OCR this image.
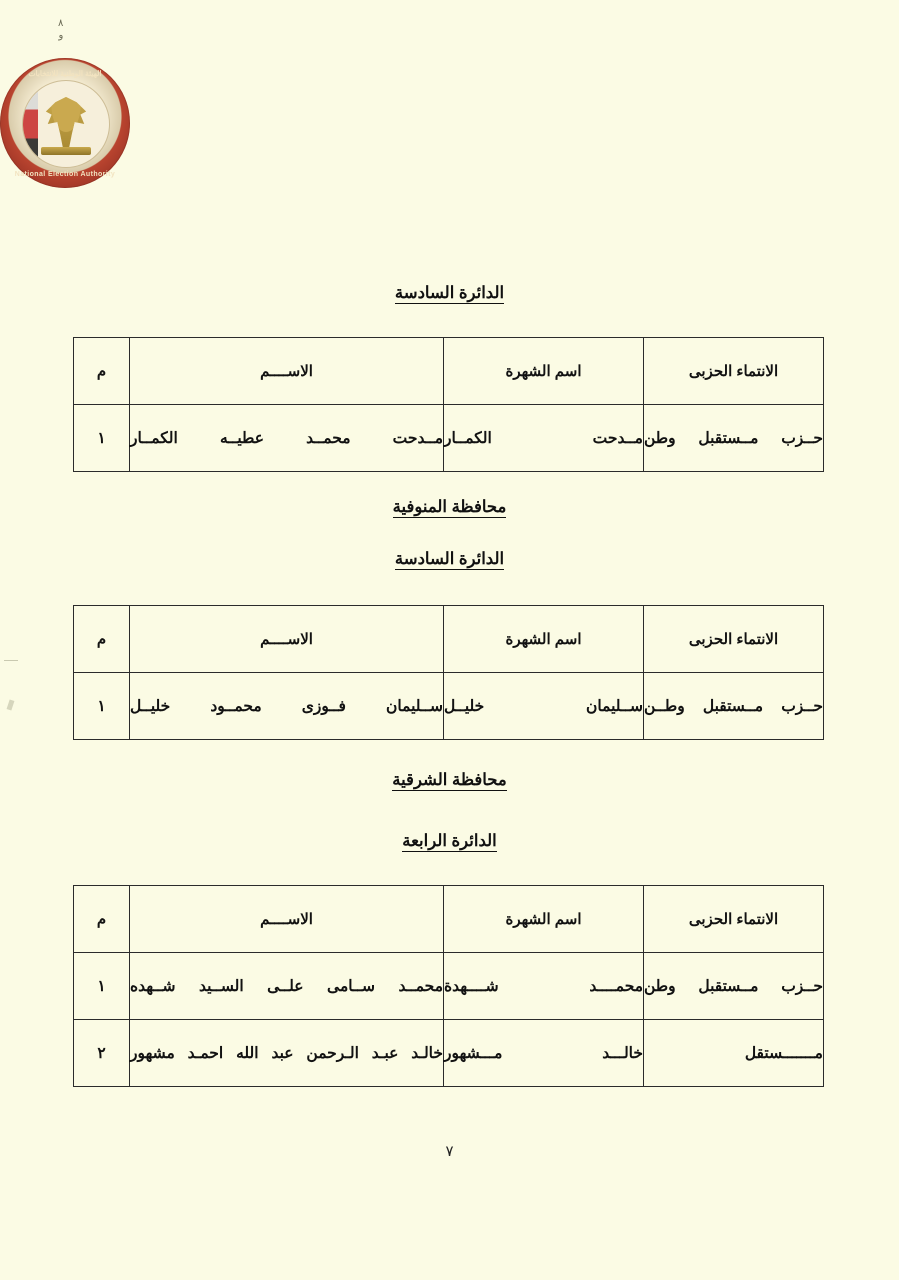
٨
و
الهيئة الوطنية للانتخابات
National Election Authority
الدائرة السادسة
الانتماء الحزبى	اسم الشهرة	الاســــم	م

حــزب مــستقبل وطن	مــدحت الكمــار	مــدحت محمــد عطيــه الكمــار	١
محافظة المنوفية
الدائرة السادسة
الانتماء الحزبى	اسم الشهرة	الاســــم	م

حــزب مــستقبل وطــن	ســليمان خليــل	ســليمان فــوزى محمــود خليــل	١
محافظة الشرقية
الدائرة الرابعة
الانتماء الحزبى	اسم الشهرة	الاســــم	م

حــزب مــستقبل وطن	محمــــد شــــهدة	محمــد ســامى علــى الســيد شــهده	١

مـــــــستقل	خالـــد مـــشهور	خالـد عبـد الـرحمن عبد الله احمـد مشهور	٢
٧
